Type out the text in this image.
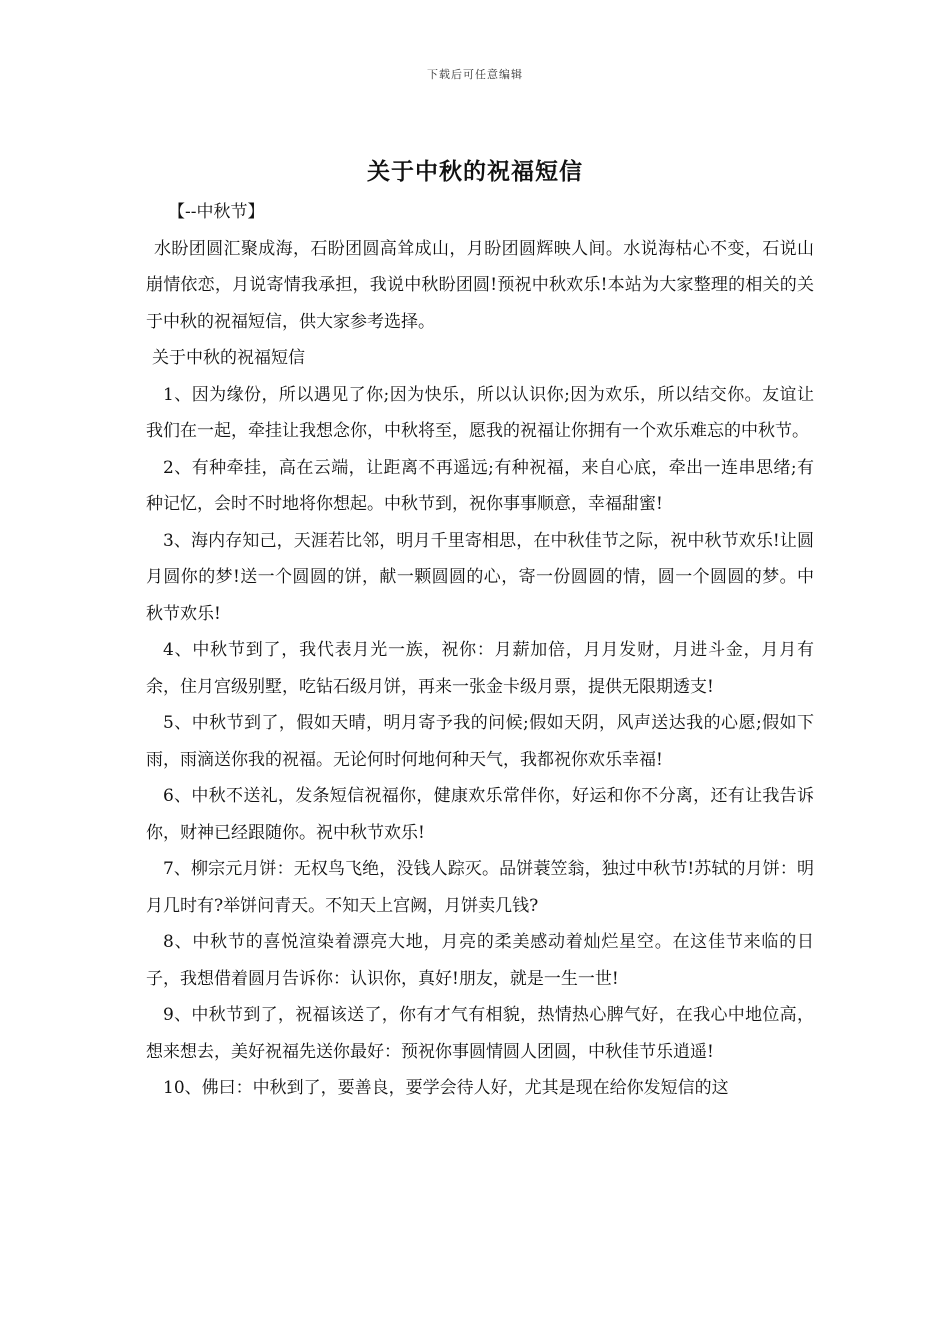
下载后可任意编辑
关于中秋的祝福短信

【--中秋节】

水盼团圆汇聚成海，石盼团圆高耸成山，月盼团圆辉映人间。水说海枯心不变，石说山崩情依恋，月说寄情我承担，我说中秋盼团圆!预祝中秋欢乐!本站为大家整理的相关的关于中秋的祝福短信，供大家参考选择。

关于中秋的祝福短信

1、因为缘份，所以遇见了你;因为快乐，所以认识你;因为欢乐，所以结交你。友谊让我们在一起，牵挂让我想念你，中秋将至，愿我的祝福让你拥有一个欢乐难忘的中秋节。

2、有种牵挂，高在云端，让距离不再遥远;有种祝福，来自心底，牵出一连串思绪;有种记忆，会时不时地将你想起。中秋节到，祝你事事顺意，幸福甜蜜!

3、海内存知己，天涯若比邻，明月千里寄相思，在中秋佳节之际，祝中秋节欢乐!让圆月圆你的梦!送一个圆圆的饼，献一颗圆圆的心，寄一份圆圆的情，圆一个圆圆的梦。中秋节欢乐!

4、中秋节到了，我代表月光一族，祝你：月薪加倍，月月发财，月进斗金，月月有余，住月宫级别墅，吃钻石级月饼，再来一张金卡级月票，提供无限期透支!

5、中秋节到了，假如天晴，明月寄予我的问候;假如天阴，风声送达我的心愿;假如下雨，雨滴送你我的祝福。无论何时何地何种天气，我都祝你欢乐幸福!

6、中秋不送礼，发条短信祝福你，健康欢乐常伴你，好运和你不分离，还有让我告诉你，财神已经跟随你。祝中秋节欢乐!

7、柳宗元月饼：无权鸟飞绝，没钱人踪灭。品饼蓑笠翁，独过中秋节!苏轼的月饼：明月几时有?举饼问青天。不知天上宫阙，月饼卖几钱?

8、中秋节的喜悦渲染着漂亮大地，月亮的柔美感动着灿烂星空。在这佳节来临的日子，我想借着圆月告诉你：认识你，真好!朋友，就是一生一世!

9、中秋节到了，祝福该送了，你有才气有相貌，热情热心脾气好，在我心中地位高，想来想去，美好祝福先送你最好：预祝你事圆情圆人团圆，中秋佳节乐逍遥!

10、佛曰：中秋到了，要善良，要学会待人好，尤其是现在给你发短信的这
